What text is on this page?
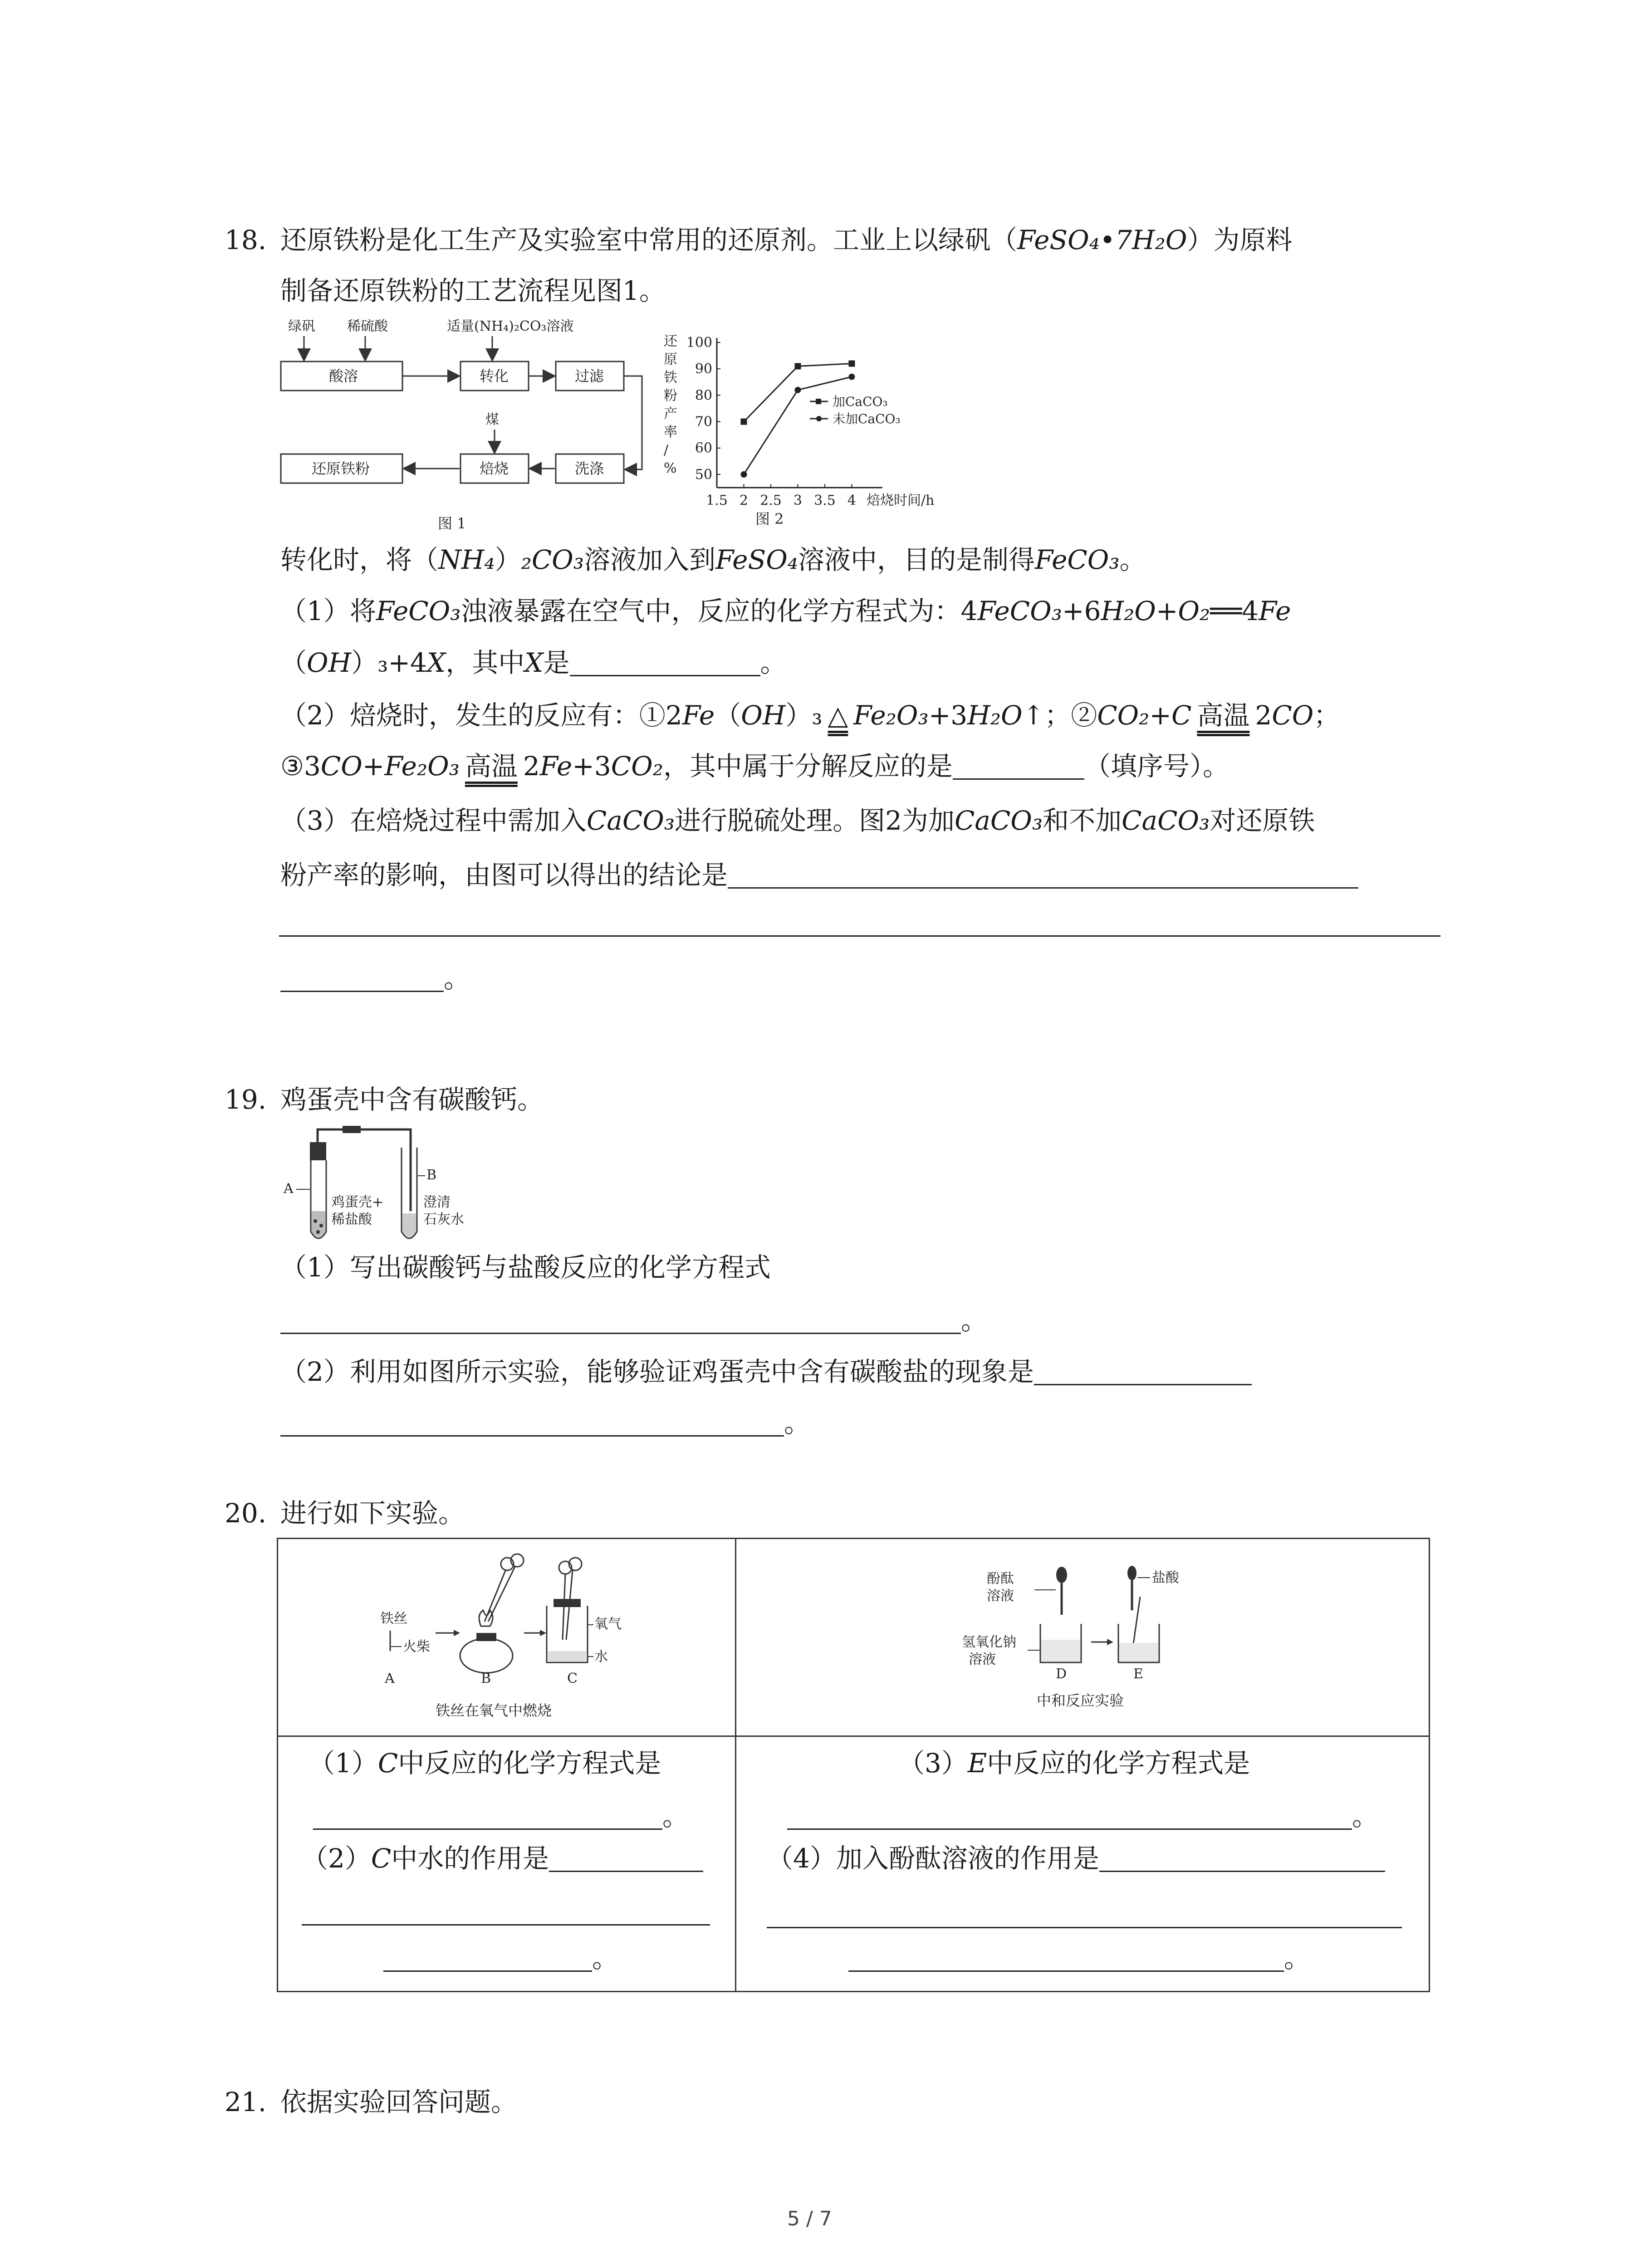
18. 还原铁粉是化工生产及实验室中常用的还原剂。工业上以绿矾（FeSO₄•7H₂O）为原料
制备还原铁粉的工艺流程见图1。
绿矾 稀硫酸	适量(NH₄)₂CO₃溶液
酸溶	转化	过滤
煤
还原铁粉	焙烧	洗涤
图 1
还
原
铁
粉
产
率
/
% 50
60
70
80
90
100
1.5 2 2.5 3 3.5 4 焙烧时间/h
加CaCO₃
未加CaCO₃
图 2
转化时，将（NH₄）₂CO₃溶液加入到FeSO₄溶液中，目的是制得FeCO₃。
（1）将FeCO₃浊液暴露在空气中，反应的化学方程式为：4FeCO₃+6H₂O+O₂══4Fe
（OH）₃+4X，其中X是	。
（2）焙烧时，发生的反应有：①2Fe（OH）₃ △ Fe₂O₃+3H₂O↑；②CO₂+C 高温 2CO；
③3CO+Fe₂O₃ 高温 2Fe+3CO₂，其中属于分解反应的是	（填序号）。
（3）在焙烧过程中需加入CaCO₃进行脱硫处理。图2为加CaCO₃和不加CaCO₃对还原铁
粉产率的影响，由图可以得出的结论是
。
19. 鸡蛋壳中含有碳酸钙。
A
B
鸡蛋壳+
稀盐酸
澄清
石灰水
（1）写出碳酸钙与盐酸反应的化学方程式
。
（2）利用如图所示实验，能够验证鸡蛋壳中含有碳酸盐的现象是
。
20. 进行如下实验。
铁丝
火柴
A	B
氧气
水
C
铁丝在氧气中燃烧
酚酞
溶液
氢氧化钠
溶液
D
盐酸
E
中和反应实验
（1）C中反应的化学方程式是
。
（2）C中水的作用是
。
（3）E中反应的化学方程式是
。
（4）加入酚酞溶液的作用是
。
21. 依据实验回答问题。
5 / 7
